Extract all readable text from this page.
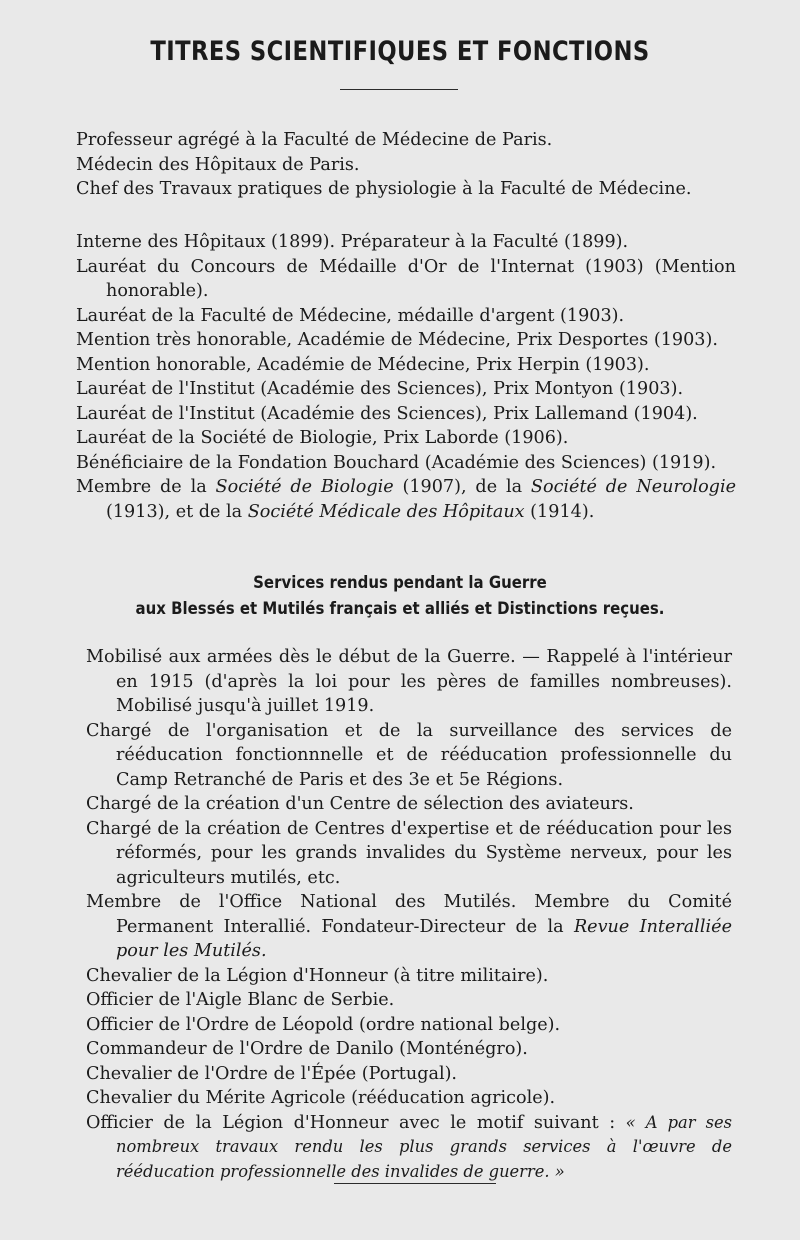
TITRES SCIENTIFIQUES ET FONCTIONS

Professeur agrégé à la Faculté de Médecine de Paris.

Médecin des Hôpitaux de Paris.

Chef des Travaux pratiques de physiologie à la Faculté de Médecine.

Interne des Hôpitaux (1899). Préparateur à la Faculté (1899).

Lauréat du Concours de Médaille d'Or de l'Internat (1903) (Mention honorable).

Lauréat de la Faculté de Médecine, médaille d'argent (1903).

Mention très honorable, Académie de Médecine, Prix Desportes (1903).

Mention honorable, Académie de Médecine, Prix Herpin (1903).

Lauréat de l'Institut (Académie des Sciences), Prix Montyon (1903).

Lauréat de l'Institut (Académie des Sciences), Prix Lallemand (1904).

Lauréat de la Société de Biologie, Prix Laborde (1906).

Bénéficiaire de la Fondation Bouchard (Académie des Sciences) (1919).

Membre de la Société de Biologie (1907), de la Société de Neurologie (1913), et de la Société Médicale des Hôpitaux (1914).

Services rendus pendant la Guerre
aux Blessés et Mutilés français et alliés et Distinctions reçues.

Mobilisé aux armées dès le début de la Guerre. — Rappelé à l'intérieur en 1915 (d'après la loi pour les pères de familles nombreuses). Mobilisé jusqu'à juillet 1919.

Chargé de l'organisation et de la surveillance des services de rééducation fonctionnnelle et de rééducation professionnelle du Camp Retranché de Paris et des 3e et 5e Régions.

Chargé de la création d'un Centre de sélection des aviateurs.

Chargé de la création de Centres d'expertise et de rééducation pour les réformés, pour les grands invalides du Système nerveux, pour les agriculteurs mutilés, etc.

Membre de l'Office National des Mutilés. Membre du Comité Permanent Interallié. Fondateur-Directeur de la Revue Interalliée pour les Mutilés.

Chevalier de la Légion d'Honneur (à titre militaire).

Officier de l'Aigle Blanc de Serbie.

Officier de l'Ordre de Léopold (ordre national belge).

Commandeur de l'Ordre de Danilo (Monténégro).

Chevalier de l'Ordre de l'Épée (Portugal).

Chevalier du Mérite Agricole (rééducation agricole).

Officier de la Légion d'Honneur avec le motif suivant : « A par ses nombreux travaux rendu les plus grands services à l'œuvre de rééducation professionnelle des invalides de guerre. »
